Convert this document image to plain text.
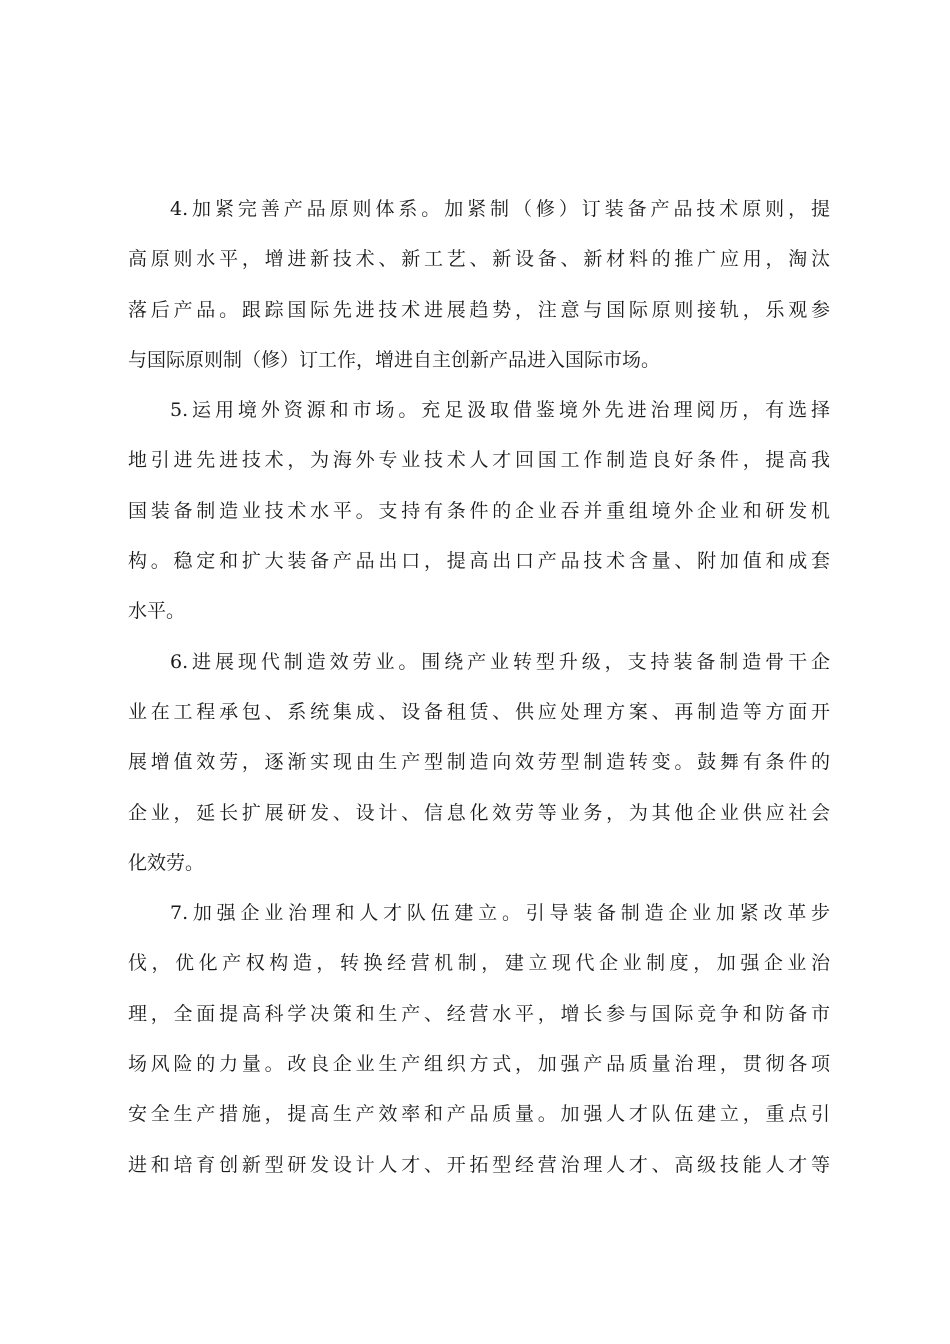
4.加紧完善产品原则体系。加紧制（修）订装备产品技术原则，提
高原则水平，增进新技术、新工艺、新设备、新材料的推广应用，淘汰
落后产品。跟踪国际先进技术进展趋势，注意与国际原则接轨，乐观参
与国际原则制（修）订工作，增进自主创新产品进入国际市场。
5.运用境外资源和市场。充足汲取借鉴境外先进治理阅历，有选择
地引进先进技术，为海外专业技术人才回国工作制造良好条件，提高我
国装备制造业技术水平。支持有条件的企业吞并重组境外企业和研发机
构。稳定和扩大装备产品出口，提高出口产品技术含量、附加值和成套
水平。
6.进展现代制造效劳业。围绕产业转型升级，支持装备制造骨干企
业在工程承包、系统集成、设备租赁、供应处理方案、再制造等方面开
展增值效劳，逐渐实现由生产型制造向效劳型制造转变。鼓舞有条件的
企业，延长扩展研发、设计、信息化效劳等业务，为其他企业供应社会
化效劳。
7.加强企业治理和人才队伍建立。引导装备制造企业加紧改革步
伐，优化产权构造，转换经营机制，建立现代企业制度，加强企业治
理，全面提高科学决策和生产、经营水平，增长参与国际竞争和防备市
场风险的力量。改良企业生产组织方式，加强产品质量治理，贯彻各项
安全生产措施，提高生产效率和产品质量。加强人才队伍建立，重点引
进和培育创新型研发设计人才、开拓型经营治理人才、高级技能人才等
